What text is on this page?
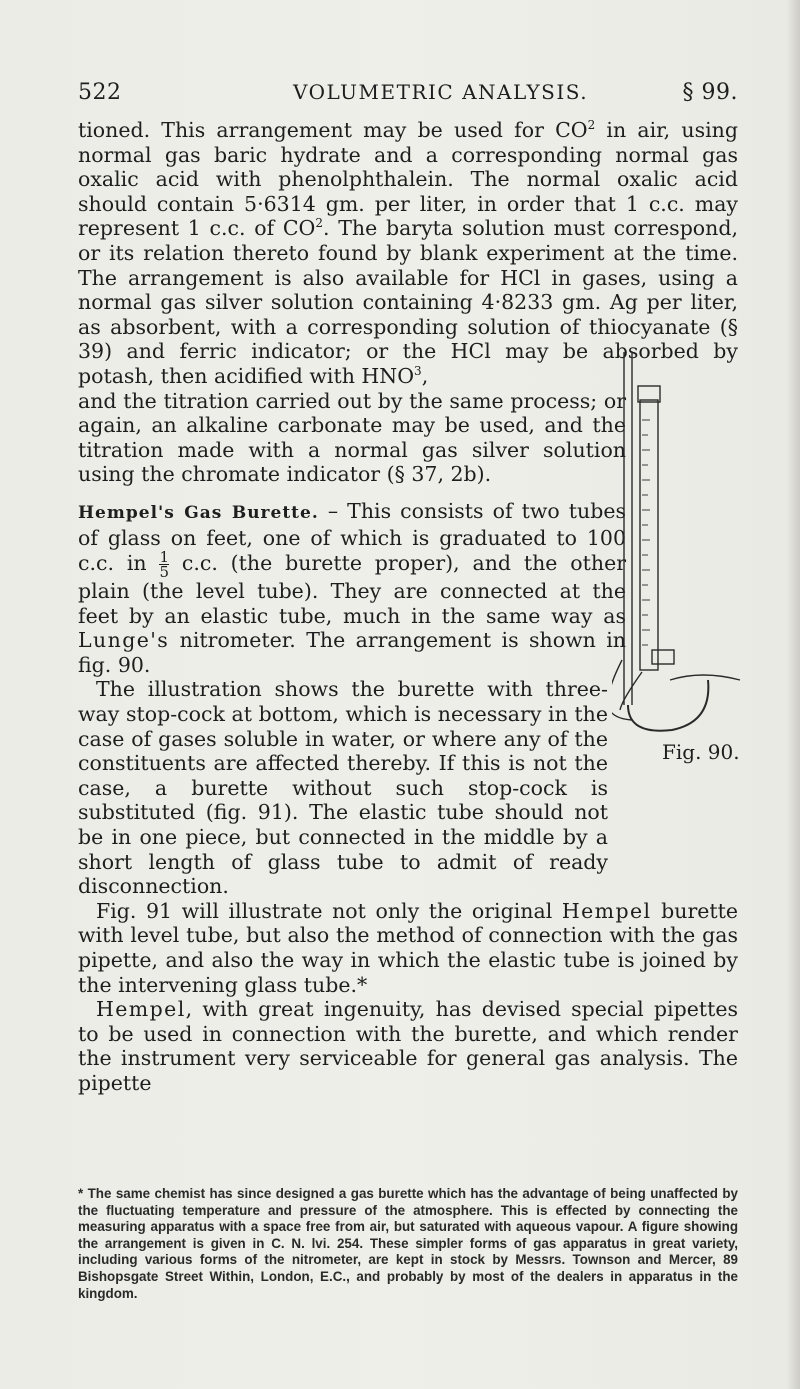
522	VOLUMETRIC ANALYSIS.	§ 99.

tioned. This arrangement may be used for $CO^2$ in air, using normal gas baric hydrate and a corresponding normal gas oxalic acid with phenolphthalein. The normal oxalic acid should contain 5·6314 gm. per liter, in order that 1 c.c. may represent 1 c.c. of $CO^2$. The baryta solution must correspond, or its relation thereto found by blank experiment at the time. The arrangement is also available for HCl in gases, using a normal gas silver solution containing 4·8233 gm. Ag per liter, as absorbent, with a corresponding solution of thiocyanate (§ 39) and ferric indicator; or the HCl may be absorbed by potash, then acidified with HNO$^3$,

and the titration carried out by the same process; or again, an alkaline carbonate may be used, and the titration made with a normal gas silver solution using the chromate indicator (§ 37, 2b).

Hempel's Gas Burette. – This consists of two tubes of glass on feet, one of which is graduated to 100 c.c. in $\frac{1}{5} c.c$. (the burette proper), and the other plain (the level tube). They are connected at the feet by an elastic tube, much in the same way as Lunge's nitrometer. The arrangement is shown in fig. 90.

The illustration shows the burette with three-way stop-cock at bottom, which is necessary in the case of gases soluble in water, or where any of the constituents are affected thereby. If this is not the case, a burette without such stop-cock is substituted (fig. 91). The elastic tube should not be in one piece, but connected in the middle by a short length of glass tube to admit of ready disconnection.

Fig. 91 will illustrate not only the original Hempel burette with level tube, but also the method of connection with the gas pipette, and also the way in which the elastic tube is joined by the intervening glass tube.*

Hempel, with great ingenuity, has devised special pipettes to be used in connection with the burette, and which render the instrument very serviceable for general gas analysis. The pipette

Fig. 90.
* The same chemist has since designed a gas burette which has the advantage of being unaffected by the fluctuating temperature and pressure of the atmosphere. This is effected by connecting the measuring apparatus with a space free from air, but saturated with aqueous vapour. A figure showing the arrangement is given in C. N. lvi. 254. These simpler forms of gas apparatus in great variety, including various forms of the nitrometer, are kept in stock by Messrs. Townson and Mercer, 89 Bishopsgate Street Within, London, E.C., and probably by most of the dealers in apparatus in the kingdom.
